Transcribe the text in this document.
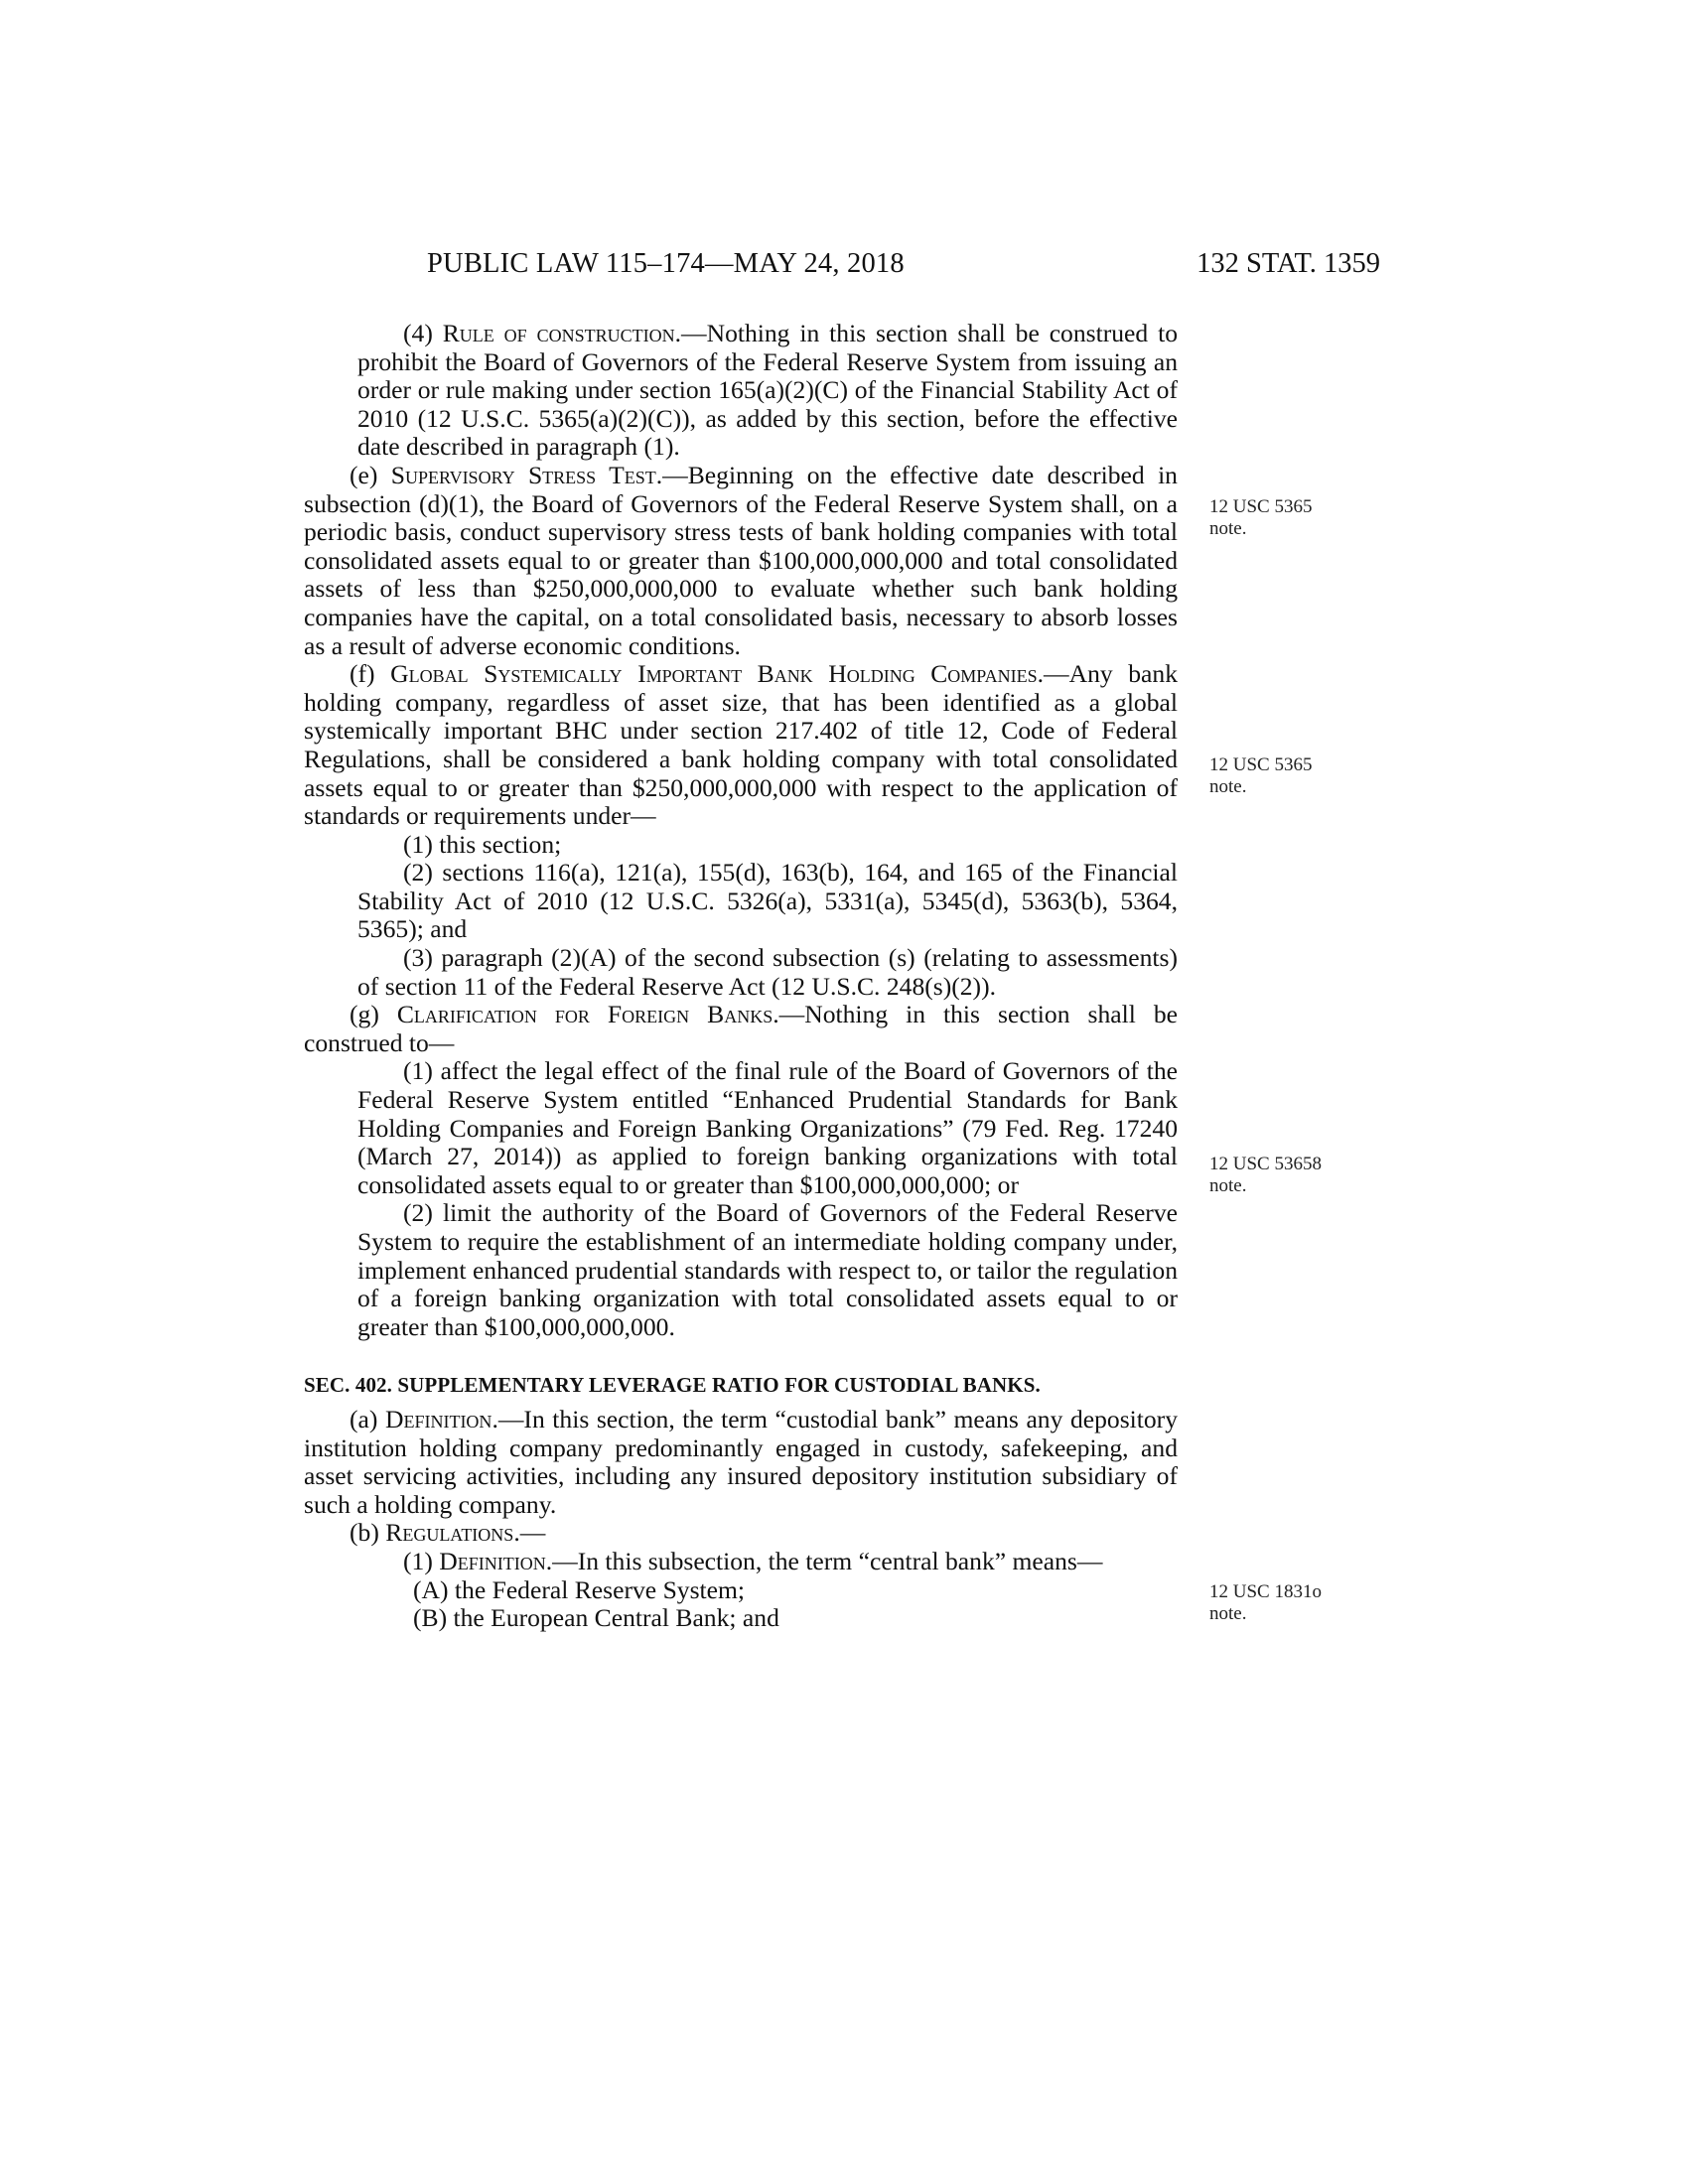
PUBLIC LAW 115–174—MAY 24, 2018	132 STAT. 1359

(4) Rule of construction.—Nothing in this section shall be construed to prohibit the Board of Governors of the Federal Reserve System from issuing an order or rule making under section 165(a)(2)(C) of the Financial Stability Act of 2010 (12 U.S.C. 5365(a)(2)(C)), as added by this section, before the effective date described in paragraph (1).

(e) Supervisory Stress Test.—Beginning on the effective date described in subsection (d)(1), the Board of Governors of the Federal Reserve System shall, on a periodic basis, conduct supervisory stress tests of bank holding companies with total consolidated assets equal to or greater than $100,000,000,000 and total consolidated assets of less than $250,000,000,000 to evaluate whether such bank holding companies have the capital, on a total consolidated basis, necessary to absorb losses as a result of adverse economic conditions.

(f) Global Systemically Important Bank Holding Companies.—Any bank holding company, regardless of asset size, that has been identified as a global systemically important BHC under section 217.402 of title 12, Code of Federal Regulations, shall be considered a bank holding company with total consolidated assets equal to or greater than $250,000,000,000 with respect to the application of standards or requirements under—

(1) this section;

(2) sections 116(a), 121(a), 155(d), 163(b), 164, and 165 of the Financial Stability Act of 2010 (12 U.S.C. 5326(a), 5331(a), 5345(d), 5363(b), 5364, 5365); and

(3) paragraph (2)(A) of the second subsection (s) (relating to assessments) of section 11 of the Federal Reserve Act (12 U.S.C. 248(s)(2)).

(g) Clarification for Foreign Banks.—Nothing in this section shall be construed to—

(1) affect the legal effect of the final rule of the Board of Governors of the Federal Reserve System entitled “Enhanced Prudential Standards for Bank Holding Companies and Foreign Banking Organizations” (79 Fed. Reg. 17240 (March 27, 2014)) as applied to foreign banking organizations with total consolidated assets equal to or greater than $100,000,000,000; or

(2) limit the authority of the Board of Governors of the Federal Reserve System to require the establishment of an intermediate holding company under, implement enhanced prudential standards with respect to, or tailor the regulation of a foreign banking organization with total consolidated assets equal to or greater than $100,000,000,000.

SEC. 402. SUPPLEMENTARY LEVERAGE RATIO FOR CUSTODIAL BANKS.

(a) Definition.—In this section, the term “custodial bank” means any depository institution holding company predominantly engaged in custody, safekeeping, and asset servicing activities, including any insured depository institution subsidiary of such a holding company.

(b) Regulations.—

(1) Definition.—In this subsection, the term “central bank” means—

(A) the Federal Reserve System;

(B) the European Central Bank; and

12 USC 5365 note.
12 USC 5365 note.
12 USC 53658 note.
12 USC 1831o note.
